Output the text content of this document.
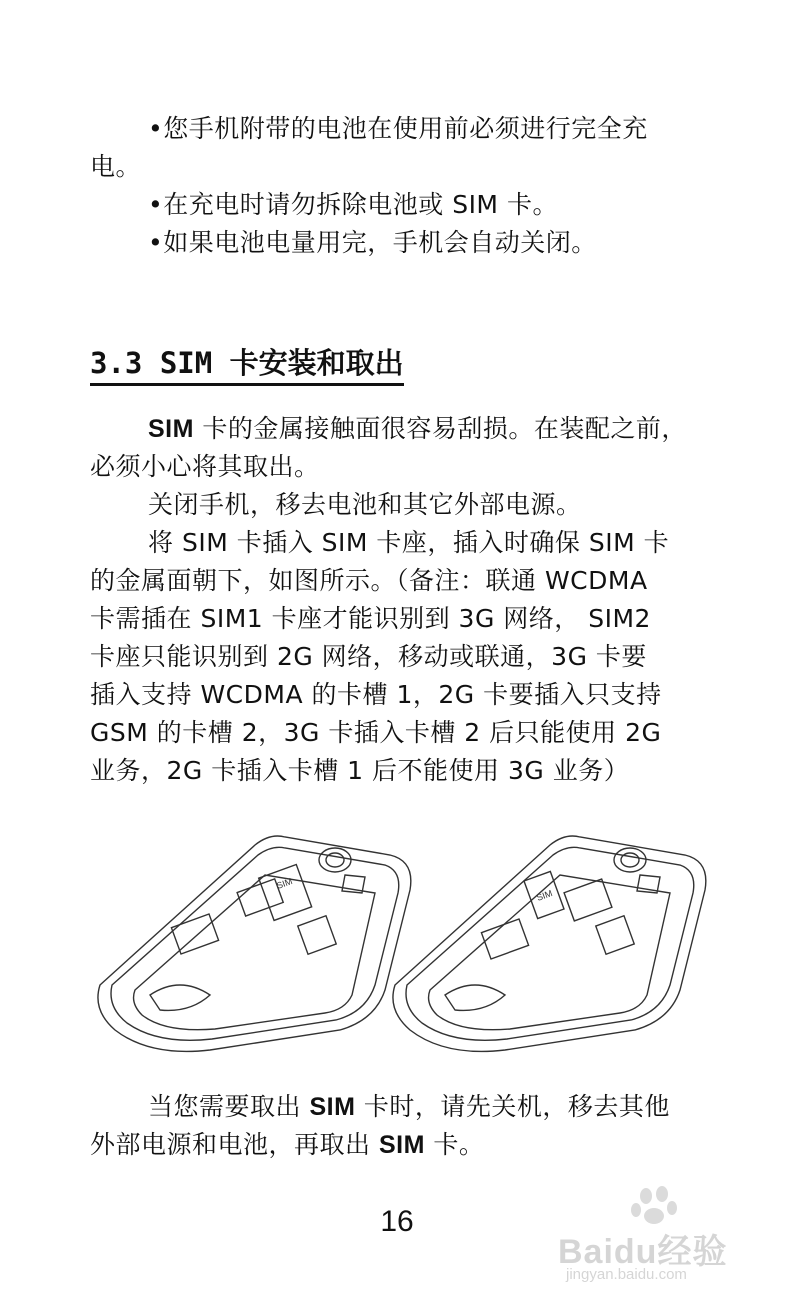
•您手机附带的电池在使用前必须进行完全充
电。
•在充电时请勿拆除电池或 SIM 卡。
•如果电池电量用完，手机会自动关闭。
3.3 SIM 卡安装和取出
SIM 卡的金属接触面很容易刮损。在装配之前，
必须小心将其取出。
关闭手机，移去电池和其它外部电源。
将 SIM 卡插入 SIM 卡座，插入时确保 SIM 卡
的金属面朝下，如图所示。（备注：联通 WCDMA
卡需插在 SIM1 卡座才能识别到 3G 网络， SIM2
卡座只能识别到 2G 网络，移动或联通，3G 卡要
插入支持 WCDMA 的卡槽 1，2G 卡要插入只支持
GSM 的卡槽 2，3G 卡插入卡槽 2 后只能使用 2G
业务，2G 卡插入卡槽 1 后不能使用 3G 业务）
SIM
SIM
当您需要取出 SIM 卡时，请先关机，移去其他
外部电源和电池，再取出 SIM 卡。
16
Baidu经验
jingyan.baidu.com
